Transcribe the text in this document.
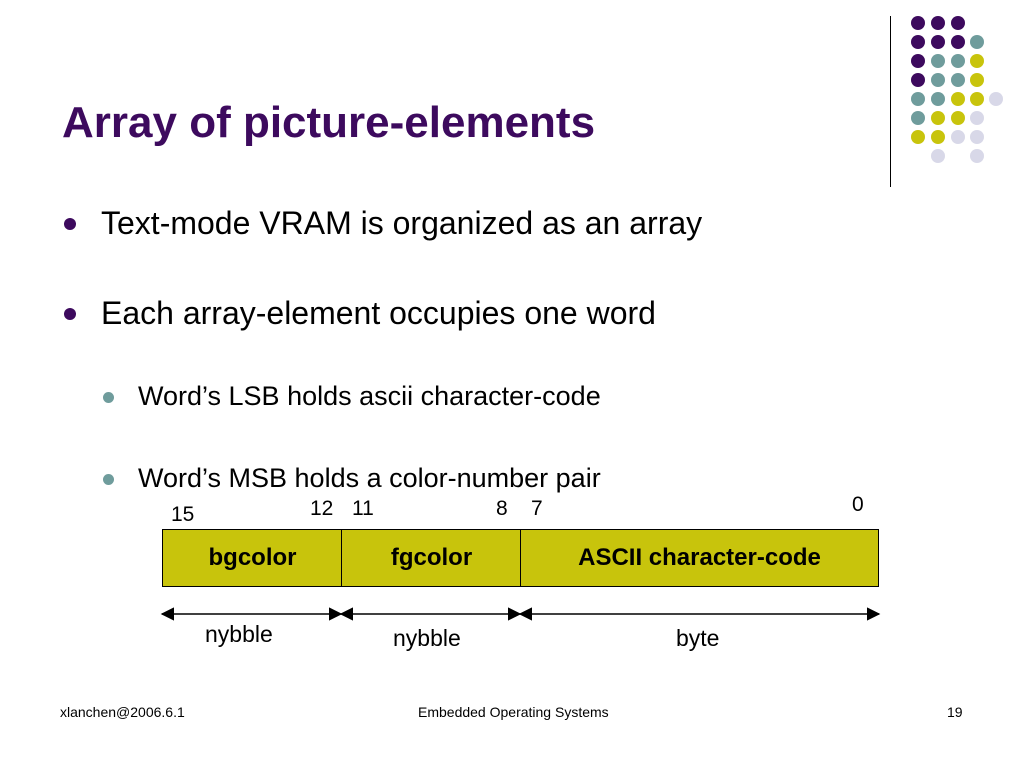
Array of picture-elements
Text-mode VRAM is organized as an array
Each array-element occupies one word
Word’s LSB holds ascii character-code
Word’s MSB holds a color-number pair
15	12 11	8 7	0
bgcolor	fgcolor	ASCII character-code
nybble	nybble	byte
xlanchen@2006.6.1	Embedded Operating Systems	19
